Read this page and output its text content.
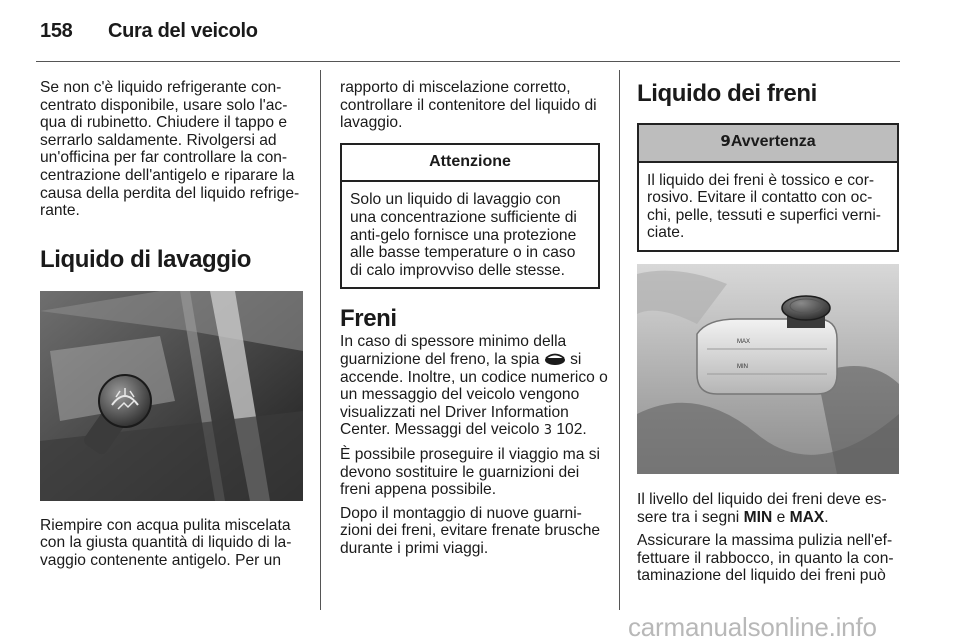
158 Cura del veicolo

Se non c'è liquido refrigerante con-centrato disponibile, usare solo l'ac-qua di rubinetto. Chiudere il tappo e serrarlo saldamente. Rivolgersi ad un'officina per far controllare la con-centrazione dell'antigelo e riparare la causa della perdita del liquido refrige-rante.

Liquido di lavaggio

Riempire con acqua pulita miscelata con la giusta quantità di liquido di la-vaggio contenente antigelo. Per un

rapporto di miscelazione corretto, controllare il contenitore del liquido di lavaggio.

Attenzione
Solo un liquido di lavaggio con una concentrazione sufficiente di anti-gelo fornisce una protezione alle basse temperature o in caso di calo improvviso delle stesse.
Freni

In caso di spessore minimo della guarnizione del freno, la spia si accende. Inoltre, un codice numerico o un messaggio del veicolo vengono visualizzati nel Driver Information Center. Messaggi del veicolo 3 102.

È possibile proseguire il viaggio ma si devono sostituire le guarnizioni dei freni appena possibile.

Dopo il montaggio di nuove guarni-zioni dei freni, evitare frenate brusche durante i primi viaggi.

Liquido dei freni
9Avvertenza
Il liquido dei freni è tossico e cor-rosivo. Evitare il contatto con oc-chi, pelle, tessuti e superfici verni-ciate.
MAX
MIN

Il livello del liquido dei freni deve es-sere tra i segni MIN e MAX.

Assicurare la massima pulizia nell'ef-fettuare il rabbocco, in quanto la con-taminazione del liquido dei freni può

carmanualsonline.info
